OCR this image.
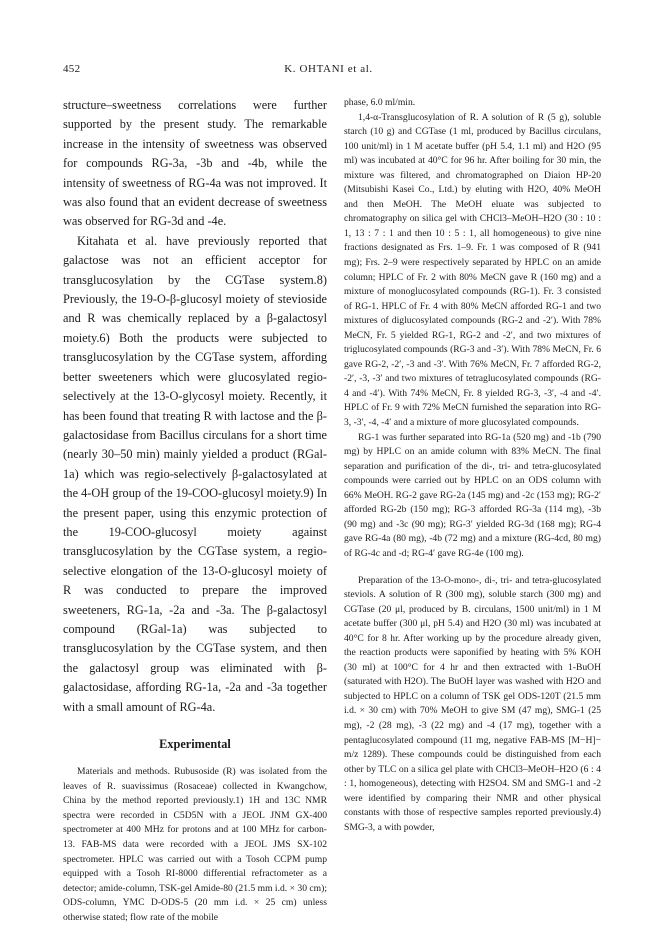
452	K. OHTANI et al.

structure–sweetness correlations were further supported by the present study. The remarkable increase in the intensity of sweetness was observed for compounds RG-3a, -3b and -4b, while the intensity of sweetness of RG-4a was not improved. It was also found that an evident decrease of sweetness was observed for RG-3d and -4e.

Kitahata et al. have previously reported that galactose was not an efficient acceptor for transglucosylation by the CGTase system.8) Previously, the 19-O-β-glucosyl moiety of stevioside and R was chemically replaced by a β-galactosyl moiety.6) Both the products were subjected to transglucosylation by the CGTase system, affording better sweeteners which were glucosylated regio-selectively at the 13-O-glycosyl moiety. Recently, it has been found that treating R with lactose and the β-galactosidase from Bacillus circulans for a short time (nearly 30–50 min) mainly yielded a product (RGal-1a) which was regio-selectively β-galactosylated at the 4-OH group of the 19-COO-glucosyl moiety.9) In the present paper, using this enzymic protection of the 19-COO-glucosyl moiety against transglucosylation by the CGTase system, a regio-selective elongation of the 13-O-glucosyl moiety of R was conducted to prepare the improved sweeteners, RG-1a, -2a and -3a. The β-galactosyl compound (RGal-1a) was subjected to transglucosylation by the CGTase system, and then the galactosyl group was eliminated with β-galactosidase, affording RG-1a, -2a and -3a together with a small amount of RG-4a.

Experimental

Materials and methods. Rubusoside (R) was isolated from the leaves of R. suavissimus (Rosaceae) collected in Kwangchow, China by the method reported previously.1) 1H and 13C NMR spectra were recorded in C5D5N with a JEOL JNM GX-400 spectrometer at 400 MHz for protons and at 100 MHz for carbon-13. FAB-MS data were recorded with a JEOL JMS SX-102 spectrometer. HPLC was carried out with a Tosoh CCPM pump equipped with a Tosoh RI-8000 differential refractometer as a detector; amide-column, TSK-gel Amide-80 (21.5 mm i.d. × 30 cm); ODS-column, YMC D-ODS-5 (20 mm i.d. × 25 cm) unless otherwise stated; flow rate of the mobile

phase, 6.0 ml/min.

1,4-α-Transglucosylation of R. A solution of R (5 g), soluble starch (10 g) and CGTase (1 ml, produced by Bacillus circulans, 100 unit/ml) in 1 M acetate buffer (pH 5.4, 1.1 ml) and H2O (95 ml) was incubated at 40°C for 96 hr. After boiling for 30 min, the mixture was filtered, and chromatographed on Diaion HP-20 (Mitsubishi Kasei Co., Ltd.) by eluting with H2O, 40% MeOH and then MeOH. The MeOH eluate was subjected to chromatography on silica gel with CHCl3–MeOH–H2O (30 : 10 : 1, 13 : 7 : 1 and then 10 : 5 : 1, all homogeneous) to give nine fractions designated as Frs. 1–9. Fr. 1 was composed of R (941 mg); Frs. 2–9 were respectively separated by HPLC on an amide column; HPLC of Fr. 2 with 80% MeCN gave R (160 mg) and a mixture of monoglucosylated compounds (RG-1). Fr. 3 consisted of RG-1. HPLC of Fr. 4 with 80% MeCN afforded RG-1 and two mixtures of diglucosylated compounds (RG-2 and -2′). With 78% MeCN, Fr. 5 yielded RG-1, RG-2 and -2′, and two mixtures of triglucosylated compounds (RG-3 and -3′). With 78% MeCN, Fr. 6 gave RG-2, -2′, -3 and -3′. With 76% MeCN, Fr. 7 afforded RG-2, -2′, -3, -3′ and two mixtures of tetraglucosylated compounds (RG-4 and -4′). With 74% MeCN, Fr. 8 yielded RG-3, -3′, -4 and -4′. HPLC of Fr. 9 with 72% MeCN furnished the separation into RG-3, -3′, -4, -4′ and a mixture of more glucosylated compounds.

RG-1 was further separated into RG-1a (520 mg) and -1b (790 mg) by HPLC on an amide column with 83% MeCN. The final separation and purification of the di-, tri- and tetra-glucosylated compounds were carried out by HPLC on an ODS column with 66% MeOH. RG-2 gave RG-2a (145 mg) and -2c (153 mg); RG-2′ afforded RG-2b (150 mg); RG-3 afforded RG-3a (114 mg), -3b (90 mg) and -3c (90 mg); RG-3′ yielded RG-3d (168 mg); RG-4 gave RG-4a (80 mg), -4b (72 mg) and a mixture (RG-4cd, 80 mg) of RG-4c and -d; RG-4′ gave RG-4e (100 mg).

Preparation of the 13-O-mono-, di-, tri- and tetra-glucosylated steviols. A solution of R (300 mg), soluble starch (300 mg) and CGTase (20 μl, produced by B. circulans, 1500 unit/ml) in 1 M acetate buffer (300 μl, pH 5.4) and H2O (30 ml) was incubated at 40°C for 8 hr. After working up by the procedure already given, the reaction products were saponified by heating with 5% KOH (30 ml) at 100°C for 4 hr and then extracted with 1-BuOH (saturated with H2O). The BuOH layer was washed with H2O and subjected to HPLC on a column of TSK gel ODS-120T (21.5 mm i.d. × 30 cm) with 70% MeOH to give SM (47 mg), SMG-1 (25 mg), -2 (28 mg), -3 (22 mg) and -4 (17 mg), together with a pentaglucosylated compound (11 mg, negative FAB-MS [M−H]− m/z 1289). These compounds could be distinguished from each other by TLC on a silica gel plate with CHCl3–MeOH–H2O (6 : 4 : 1, homogeneous), detecting with H2SO4. SM and SMG-1 and -2 were identified by comparing their NMR and other physical constants with those of respective samples reported previously.4) SMG-3, a with powder,
